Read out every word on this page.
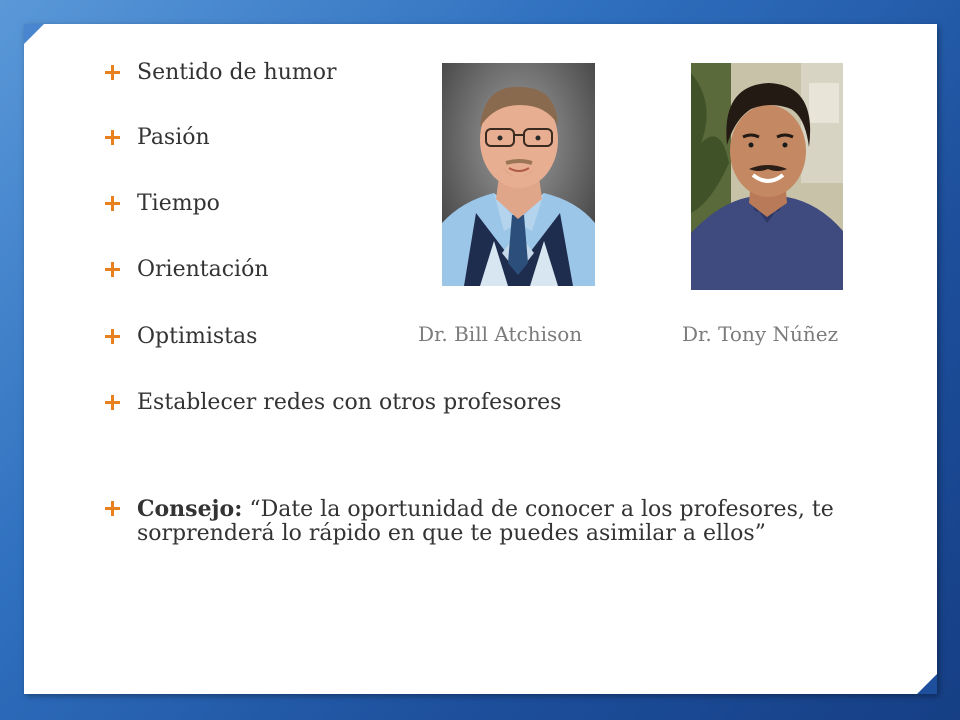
Sentido de humor
Pasión
Tiempo
Orientación
Optimistas
Establecer redes con otros profesores
Consejo: “Date la oportunidad de conocer a los profesores, te sorprenderá lo rápido en que te puedes asimilar a ellos”
Dr. Bill Atchison	Dr. Tony Núñez
